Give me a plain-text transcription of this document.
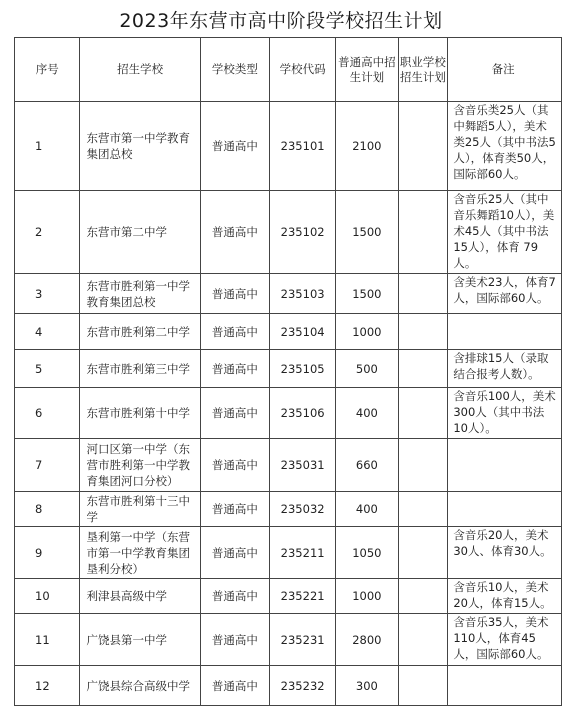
2023年东营市高中阶段学校招生计划
序号	招生学校	学校类型	学校代码	普通高中招生计划	职业学校招生计划	备注
1	东营市第一中学教育集团总校	普通高中	235101	2100		含音乐类25人（其中舞蹈5人），美术类25人（其中书法5人），体育类50人，国际部60人。
2	东营市第二中学	普通高中	235102	1500		含音乐25人（其中音乐舞蹈10人），美术45人（其中书法15人），体育 79人。
3	东营市胜利第一中学教育集团总校	普通高中	235103	1500		含美术23人，体育7人，国际部60人。
4	东营市胜利第二中学	普通高中	235104	1000		
5	东营市胜利第三中学	普通高中	235105	500		含排球15人（录取结合报考人数）。
6	东营市胜利第十中学	普通高中	235106	400		含音乐100人，美术300人（其中书法10人）。
7	河口区第一中学（东营市胜利第一中学教育集团河口分校）	普通高中	235031	660		
8	东营市胜利第十三中学	普通高中	235032	400		
9	垦利第一中学（东营市第一中学教育集团垦利分校）	普通高中	235211	1050		含音乐20人，美术30人、体育30人。
10	利津县高级中学	普通高中	235221	1000		含音乐10人，美术20人，体育15人。
11	广饶县第一中学	普通高中	235231	2800		含音乐35人，美术110人，体育45人，国际部60人。
12	广饶县综合高级中学	普通高中	235232	300		
